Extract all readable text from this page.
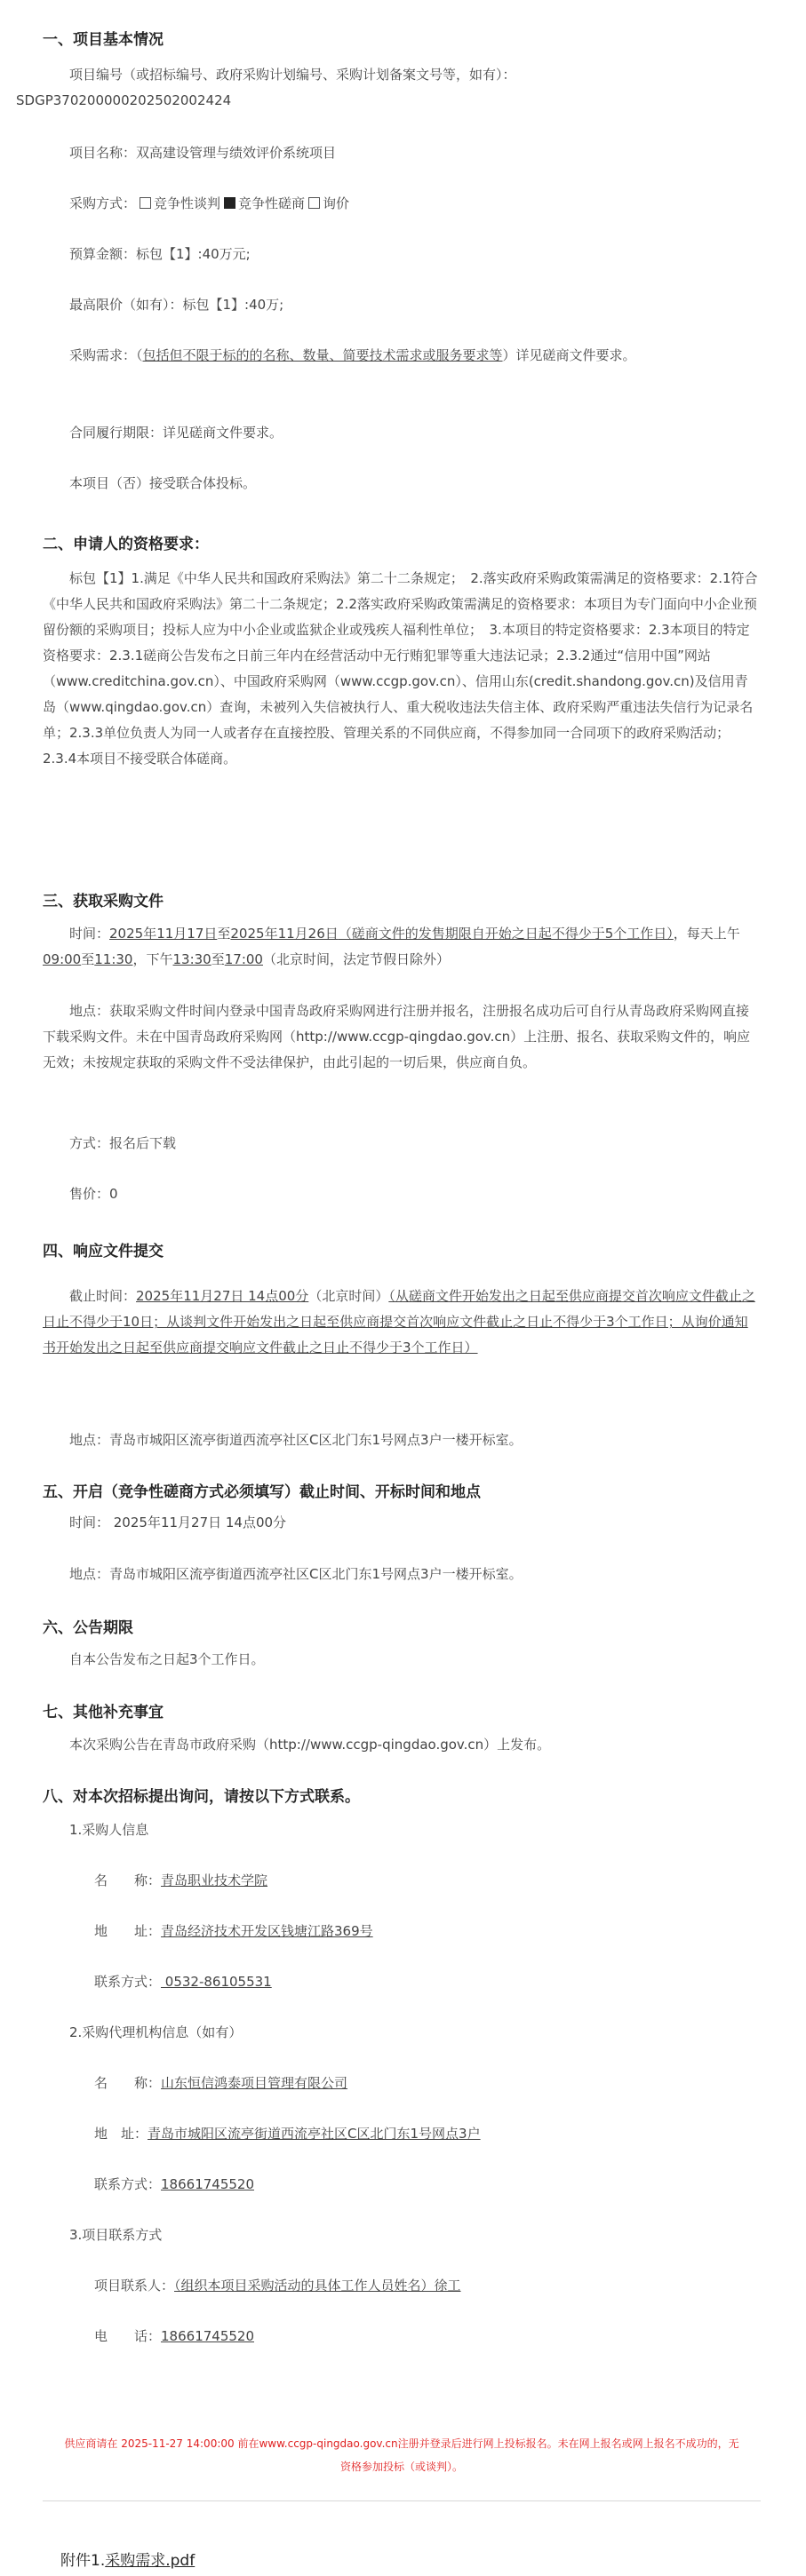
一、项目基本情况
项目编号（或招标编号、政府采购计划编号、采购计划备案文号等，如有）：
SDGP370200000202502002424
项目名称：双高建设管理与绩效评价系统项目
采购方式： 竞争性谈判 竞争性磋商 询价
预算金额：标包【1】:40万元;
最高限价（如有）：标包【1】:40万;
采购需求：（包括但不限于标的的名称、数量、简要技术需求或服务要求等）详见磋商文件要求。
合同履行期限：详见磋商文件要求。
本项目（否）接受联合体投标。
二、申请人的资格要求：
标包【1】1.满足《中华人民共和国政府采购法》第二十二条规定；　2.落实政府采购政策需满足的资格要求：2.1符合《中华人民共和国政府采购法》第二十二条规定；2.2落实政府采购政策需满足的资格要求：本项目为专门面向中小企业预留份额的采购项目；投标人应为中小企业或监狱企业或残疾人福利性单位；　3.本项目的特定资格要求：2.3本项目的特定资格要求：2.3.1磋商公告发布之日前三年内在经营活动中无行贿犯罪等重大违法记录；2.3.2通过“信用中国”网站（www.creditchina.gov.cn）、中国政府采购网（www.ccgp.gov.cn）、信用山东(credit.shandong.gov.cn)及信用青岛（www.qingdao.gov.cn）查询，未被列入失信被执行人、重大税收违法失信主体、政府采购严重违法失信行为记录名单；2.3.3单位负责人为同一人或者存在直接控股、管理关系的不同供应商，不得参加同一合同项下的政府采购活动；2.3.4本项目不接受联合体磋商。
三、获取采购文件
时间：2025年11月17日至2025年11月26日（磋商文件的发售期限自开始之日起不得少于5个工作日），每天上午09:00至11:30，下午13:30至17:00（北京时间，法定节假日除外）
地点：获取采购文件时间内登录中国青岛政府采购网进行注册并报名，注册报名成功后可自行从青岛政府采购网直接下载采购文件。未在中国青岛政府采购网（http://www.ccgp-qingdao.gov.cn）上注册、报名、获取采购文件的，响应无效；未按规定获取的采购文件不受法律保护，由此引起的一切后果，供应商自负。
方式：报名后下载
售价：0
四、响应文件提交
截止时间：2025年11月27日 14点00分（北京时间）（从磋商文件开始发出之日起至供应商提交首次响应文件截止之日止不得少于10日；从谈判文件开始发出之日起至供应商提交首次响应文件截止之日止不得少于3个工作日；从询价通知书开始发出之日起至供应商提交响应文件截止之日止不得少于3个工作日）
地点：青岛市城阳区流亭街道西流亭社区C区北门东1号网点3户一楼开标室。
五、开启（竞争性磋商方式必须填写）截止时间、开标时间和地点
时间： 2025年11月27日 14点00分
地点：青岛市城阳区流亭街道西流亭社区C区北门东1号网点3户一楼开标室。
六、公告期限
自本公告发布之日起3个工作日。
七、其他补充事宜
本次采购公告在青岛市政府采购（http://www.ccgp-qingdao.gov.cn）上发布。
八、对本次招标提出询问，请按以下方式联系。
1.采购人信息
名　　称：青岛职业技术学院
地　　址：青岛经济技术开发区钱塘江路369号
联系方式： 0532-86105531
2.采购代理机构信息（如有）
名　　称：山东恒信鸿泰项目管理有限公司
地　址：青岛市城阳区流亭街道西流亭社区C区北门东1号网点3户
联系方式：18661745520
3.项目联系方式
项目联系人：（组织本项目采购活动的具体工作人员姓名）徐工
电　　话：18661745520
供应商请在 2025-11-27 14:00:00 前在www.ccgp-qingdao.gov.cn注册并登录后进行网上投标报名。未在网上报名或网上报名不成功的，无
资格参加投标（或谈判）。
附件1.采购需求.pdf
